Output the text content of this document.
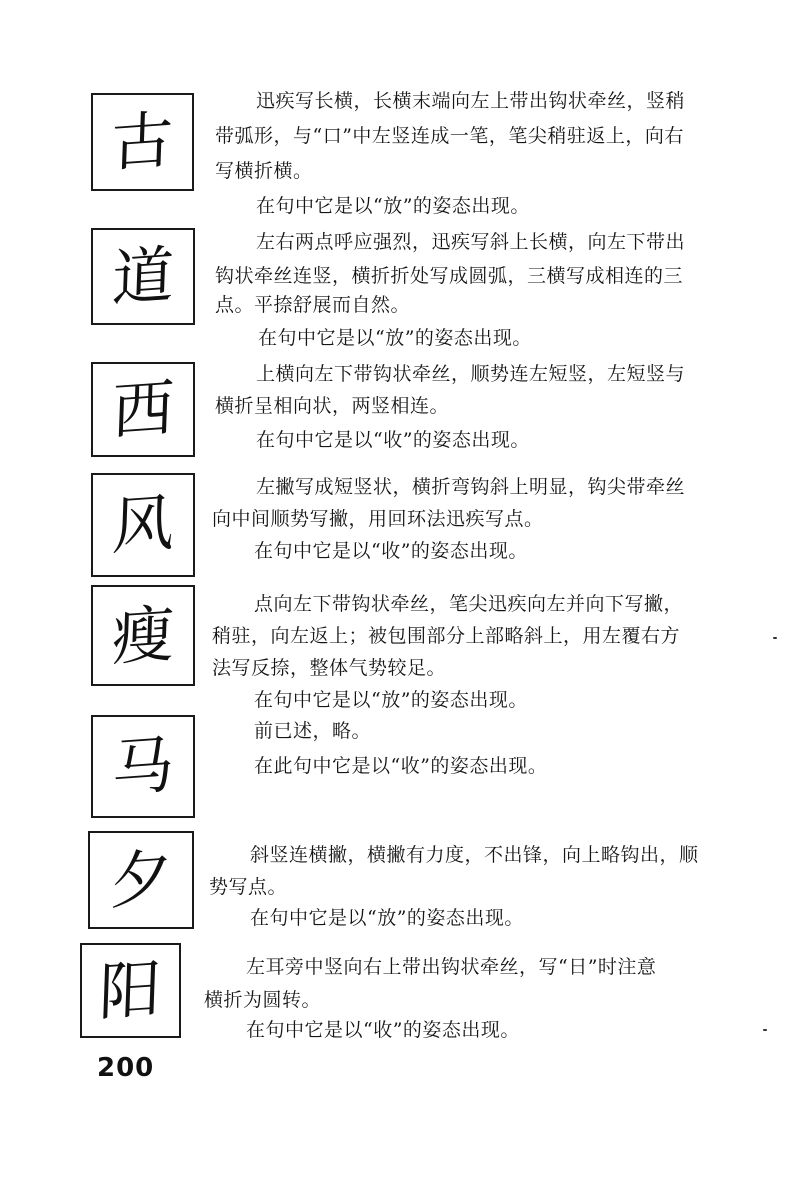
古
道
西
风
瘦
马
夕
阳
迅疾写长横，长横末端向左上带出钩状牵丝，竖稍
带弧形，与“口”中左竖连成一笔，笔尖稍驻返上，向右
写横折横。
在句中它是以“放”的姿态出现。
左右两点呼应强烈，迅疾写斜上长横，向左下带出
钩状牵丝连竖，横折折处写成圆弧，三横写成相连的三
点。平捺舒展而自然。
在句中它是以“放”的姿态出现。
上横向左下带钩状牵丝，顺势连左短竖，左短竖与
横折呈相向状，两竖相连。
在句中它是以“收”的姿态出现。
左撇写成短竖状，横折弯钩斜上明显，钩尖带牵丝
向中间顺势写撇，用回环法迅疾写点。
在句中它是以“收”的姿态出现。
点向左下带钩状牵丝，笔尖迅疾向左并向下写撇，
稍驻，向左返上；被包围部分上部略斜上，用左覆右方
法写反捺，整体气势较足。
在句中它是以“放”的姿态出现。
前已述，略。
在此句中它是以“收”的姿态出现。
斜竖连横撇，横撇有力度，不出锋，向上略钩出，顺
势写点。
在句中它是以“放”的姿态出现。
左耳旁中竖向右上带出钩状牵丝，写“日”时注意
横折为圆转。
在句中它是以“收”的姿态出现。
200
